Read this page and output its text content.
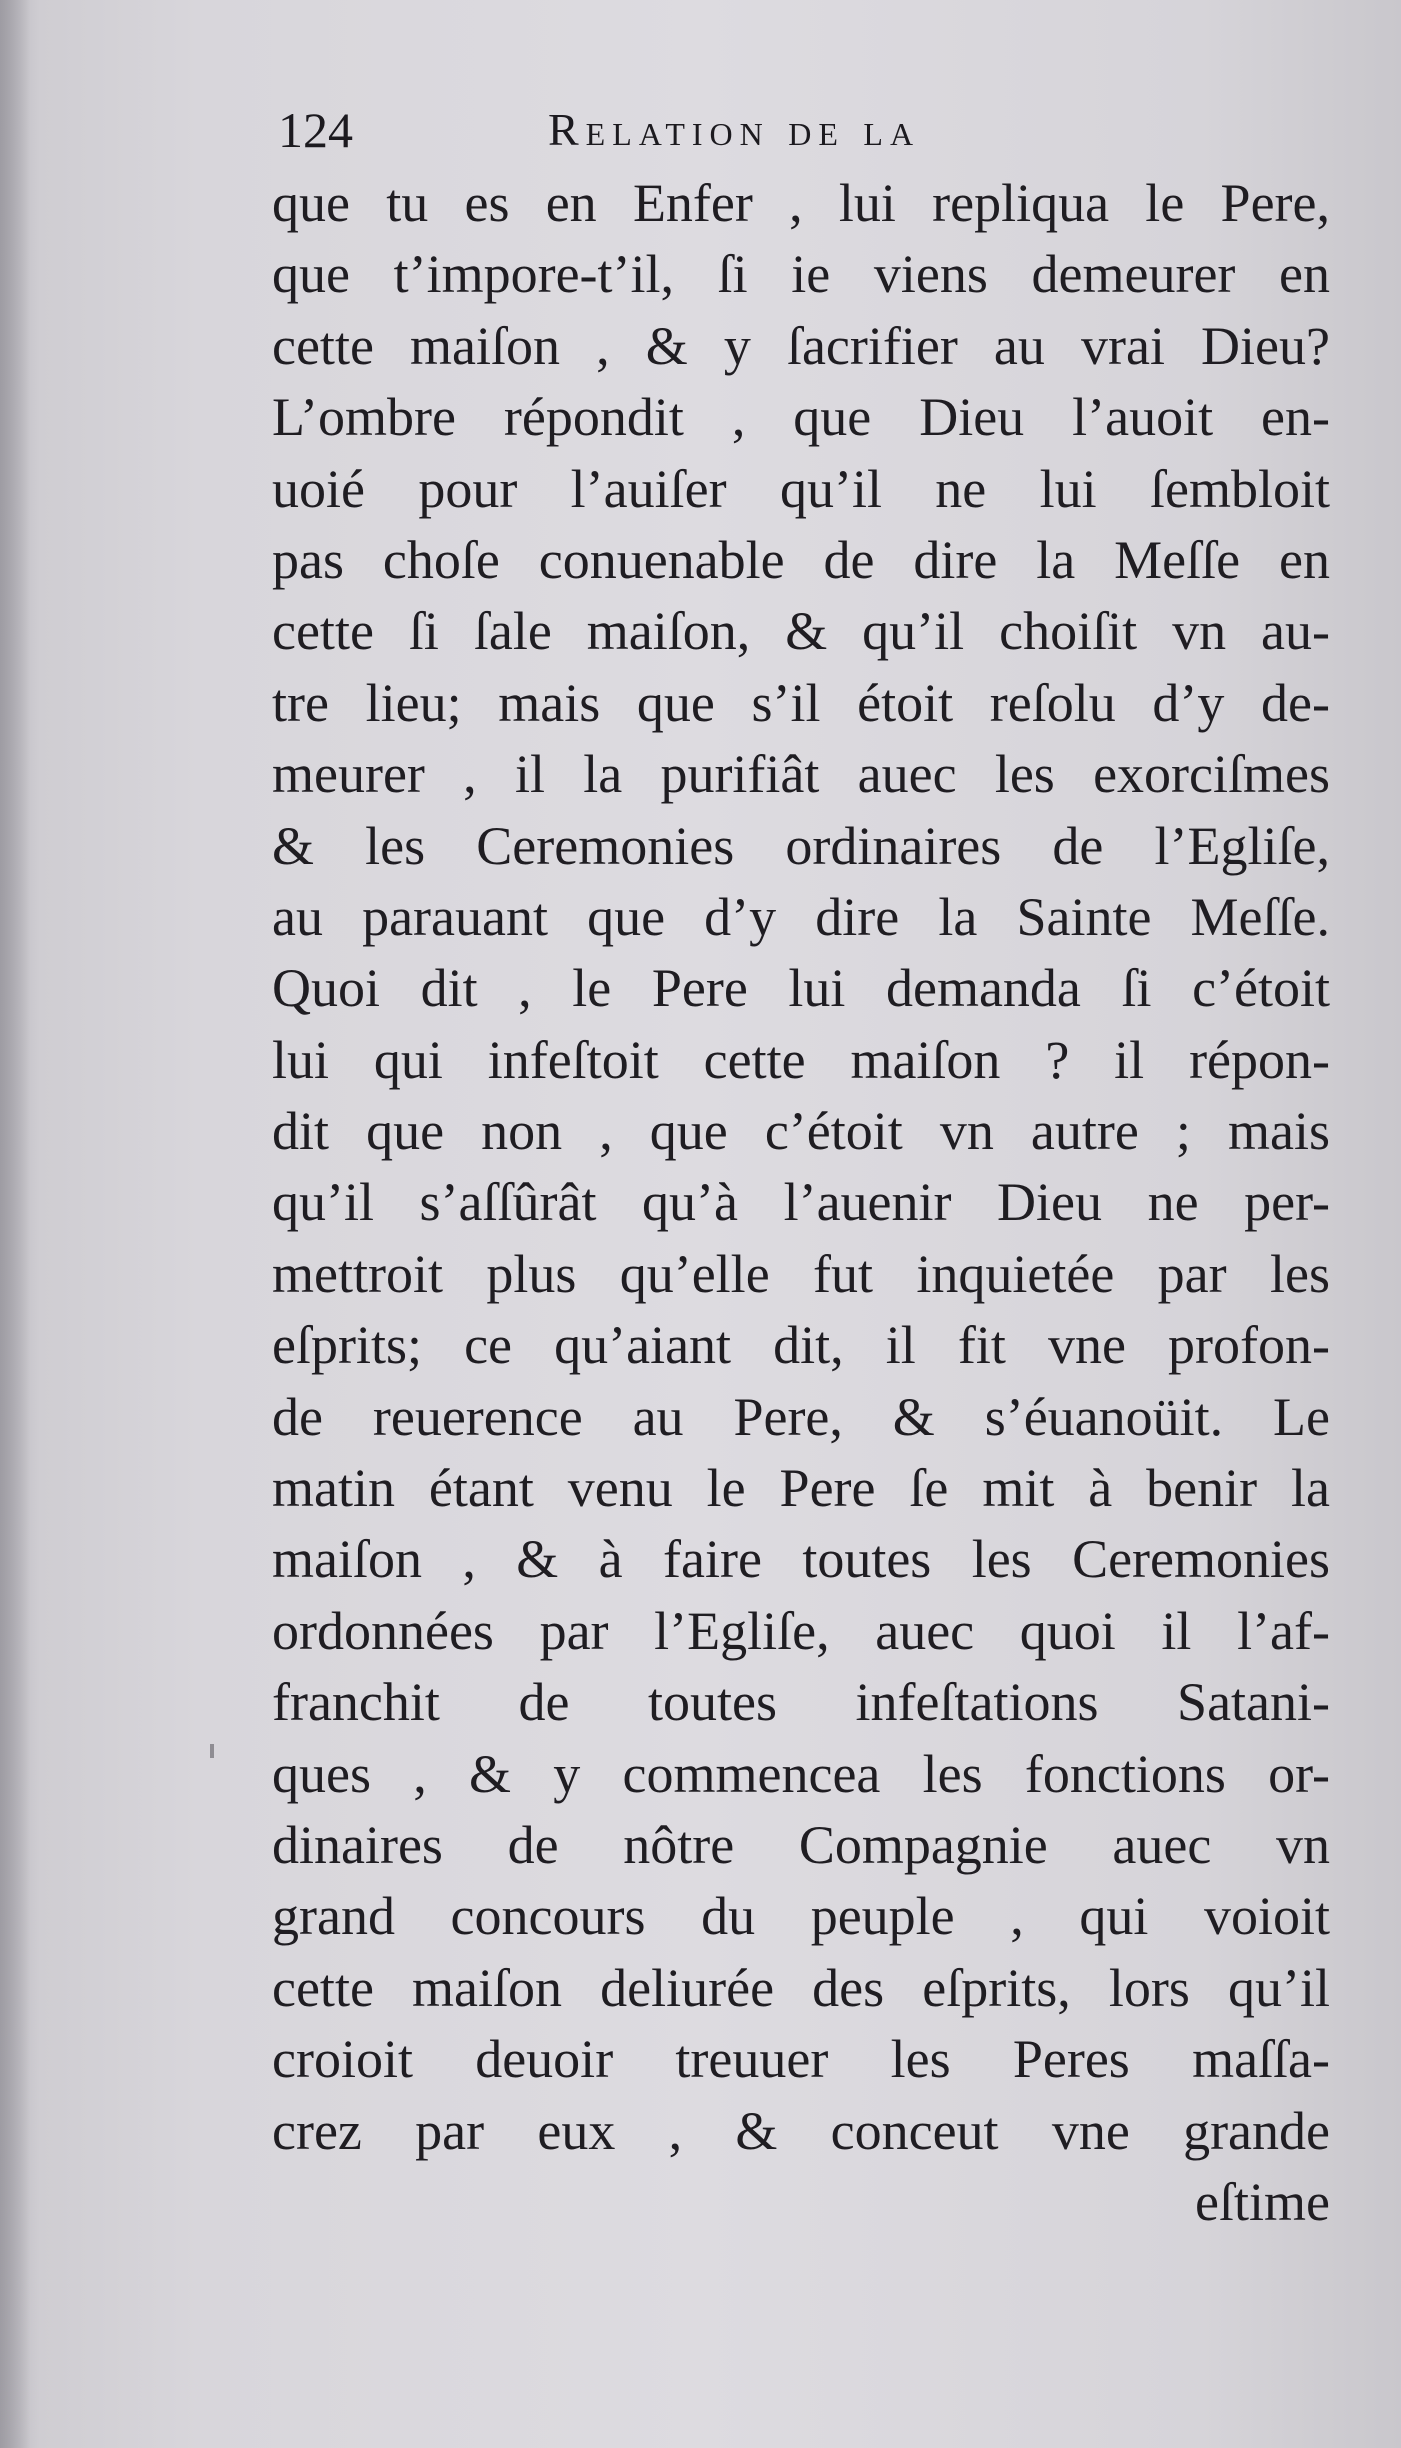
124	Relation de la
que tu es en Enfer , lui repliqua le Pere,
que t’impore-t’il, ſi ie viens demeurer en
cette maiſon , & y ſacrifier au vrai Dieu?
L’ombre répondit , que Dieu l’auoit en-
uoié pour l’auiſer qu’il ne lui ſembloit
pas choſe conuenable de dire la Meſſe en
cette ſi ſale maiſon, & qu’il choiſit vn au-
tre lieu; mais que s’il étoit reſolu d’y de-
meurer , il la purifiât auec les exorciſmes
& les Ceremonies ordinaires de l’Egliſe,
au parauant que d’y dire la Sainte Meſſe.
Quoi dit , le Pere lui demanda ſi c’étoit
lui qui infeſtoit cette maiſon ? il répon-
dit que non , que c’étoit vn autre ; mais
qu’il s’aſſûrât qu’à l’auenir Dieu ne per-
mettroit plus qu’elle fut inquietée par les
eſprits; ce qu’aiant dit, il fit vne profon-
de reuerence au Pere, & s’éuanoüit. Le
matin étant venu le Pere ſe mit à benir la
maiſon , & à faire toutes les Ceremonies
ordonnées par l’Egliſe, auec quoi il l’af-
franchit de toutes infeſtations Satani-
ques , & y commencea les fonctions or-
dinaires de nôtre Compagnie auec vn
grand concours du peuple , qui voioit
cette maiſon deliurée des eſprits, lors qu’il
croioit deuoir treuuer les Peres maſſa-
crez par eux , & conceut vne grande
eſtime
